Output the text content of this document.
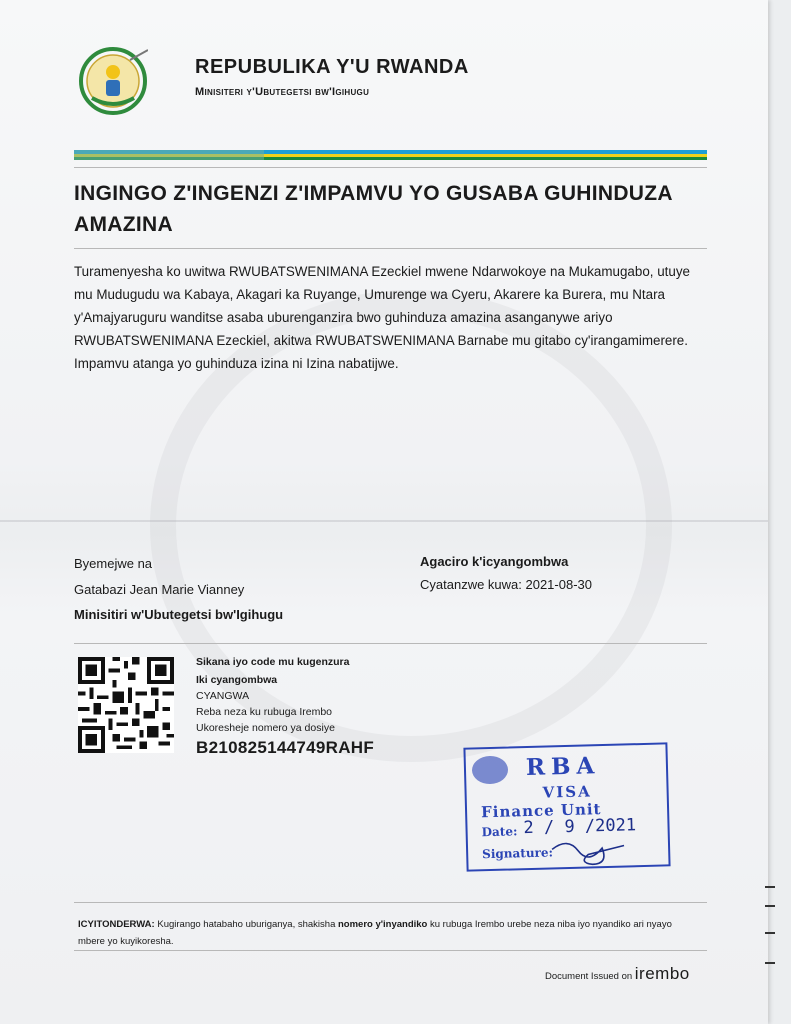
REPUBULIKA Y'U RWANDA
Minisiteri y'Ubutegetsi bw'Igihugu
INGINGO Z'INGENZI Z'IMPAMVU YO GUSABA GUHINDUZA AMAZINA
Turamenyesha ko uwitwa RWUBATSWENIMANA Ezeckiel mwene Ndarwokoye na Mukamugabo, utuye mu Mudugudu wa Kabaya, Akagari ka Ruyange, Umurenge wa Cyeru, Akarere ka Burera, mu Ntara y'Amajyaruguru wanditse asaba uburenganzira bwo guhinduza amazina asanganywe ariyo RWUBATSWENIMANA Ezeckiel, akitwa RWUBATSWENIMANA Barnabe mu gitabo cy'irangamimerere. Impamvu atanga yo guhinduza izina ni Izina nabatijwe.
Byemejwe na
Gatabazi Jean Marie Vianney
Minisitiri w'Ubutegetsi bw'Igihugu
Agaciro k'icyangombwa
Cyatanzwe kuwa: 2021-08-30
Sikana iyo code mu kugenzura
Iki cyangombwa
CYANGWA
Reba neza ku rubuga Irembo
Ukoresheje nomero ya dosiye
B210825144749RAHF
RBA
VISA
Finance Unit
Date:
Signature:
2 / 9 /2021
ICYITONDERWA: Kugirango hatabaho uburiganya, shakisha nomero y'inyandiko ku rubuga Irembo urebe neza niba iyo nyandiko ari nyayo mbere yo kuyikoresha.
Document Issued on irembo
